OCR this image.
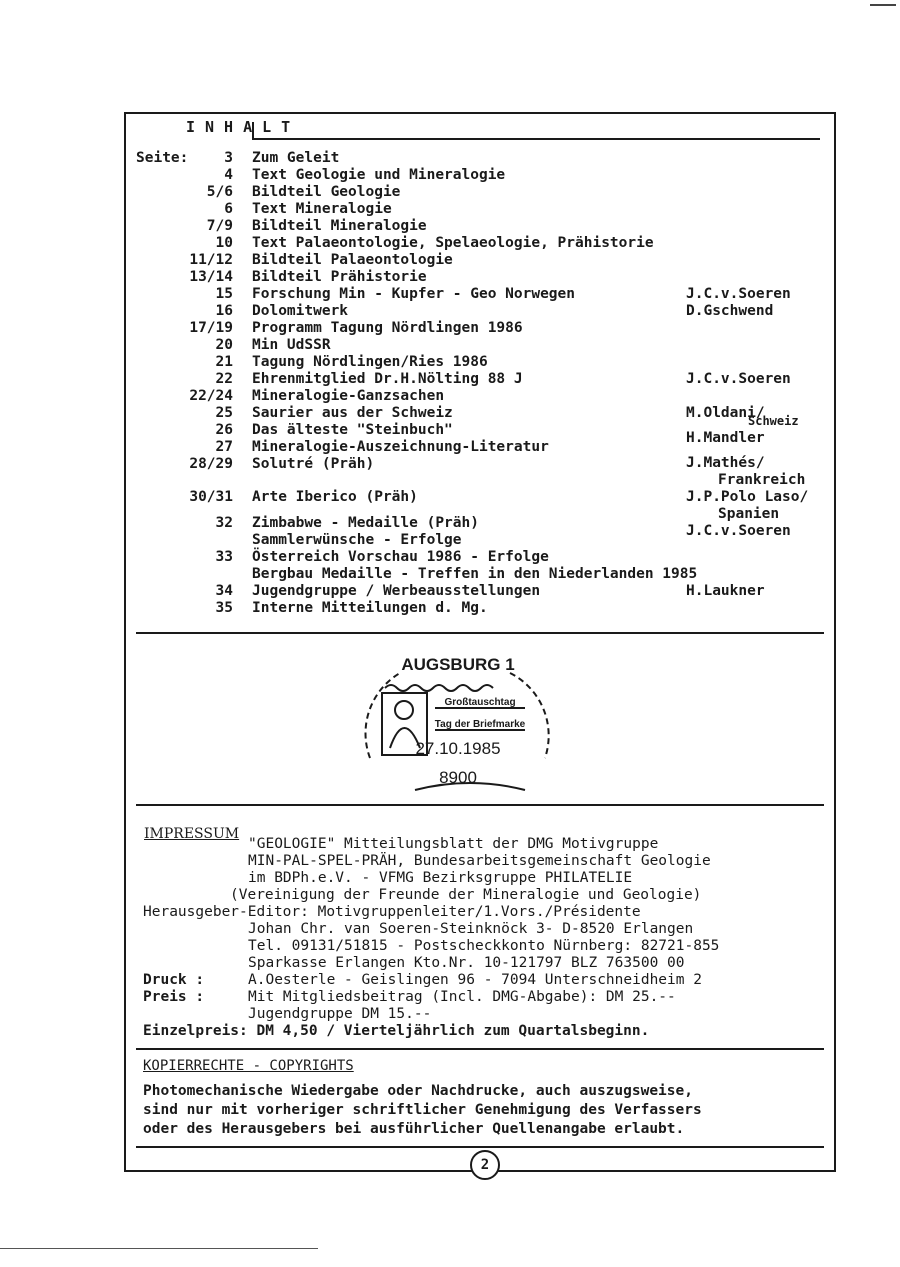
INHALT
Seite:	3 Zum Geleit
4 Text Geologie und Mineralogie
5/6 Bildteil Geologie
6 Text Mineralogie
7/9 Bildteil Mineralogie
10 Text Palaeontologie, Spelaeologie, Prähistorie
11/12 Bildteil Palaeontologie
13/14 Bildteil Prähistorie
15 Forschung Min - Kupfer - Geo Norwegen	J.C.v.Soeren
16 Dolomitwerk	D.Gschwend
17/19 Programm Tagung Nördlingen 1986
20 Min UdSSR
21 Tagung Nördlingen/Ries 1986
22 Ehrenmitglied Dr.H.Nölting 88 J	J.C.v.Soeren
22/24 Mineralogie-Ganzsachen
25 Saurier aus der Schweiz	M.Oldani/
Schweiz
26 Das älteste "Steinbuch"	H.Mandler
27 Mineralogie-Auszeichnung-Literatur
28/29 Solutré (Präh)	J.Mathés/
Frankreich
30/31 Arte Iberico (Präh)	J.P.Polo Laso/
Spanien
32 Zimbabwe - Medaille (Präh)	J.C.v.Soeren
Sammlerwünsche - Erfolge
33 Österreich Vorschau 1986 - Erfolge
Bergbau Medaille - Treffen in den Niederlanden 1985
34 Jugendgruppe / Werbeausstellungen	H.Laukner
35 Interne Mitteilungen d. Mg.
AUGSBURG 1
Großtauschtag
Tag der Briefmarke
27.10.1985
8900
IMPRESSUM
"GEOLOGIE" Mitteilungsblatt der DMG Motivgruppe
MIN-PAL-SPEL-PRÄH, Bundesarbeitsgemeinschaft Geologie
im BDPh.e.V. - VFMG Bezirksgruppe PHILATELIE
(Vereinigung der Freunde der Mineralogie und Geologie)
Herausgeber-Editor: Motivgruppenleiter/1.Vors./Présidente
Johan Chr. van Soeren-Steinknöck 3- D-8520 Erlangen
Tel. 09131/51815 - Postscheckkonto Nürnberg: 82721-855
Sparkasse Erlangen Kto.Nr. 10-121797 BLZ 763500 00
Druck :	A.Oesterle - Geislingen 96 - 7094 Unterschneidheim 2
Preis :	Mit Mitgliedsbeitrag (Incl. DMG-Abgabe): DM 25.--
Jugendgruppe DM 15.--
Einzelpreis: DM 4,50 / Vierteljährlich zum Quartalsbeginn.
KOPIERRECHTE - COPYRIGHTS
Photomechanische Wiedergabe oder Nachdrucke, auch auszugsweise,
sind nur mit vorheriger schriftlicher Genehmigung des Verfassers
oder des Herausgebers bei ausführlicher Quellenangabe erlaubt.
2
